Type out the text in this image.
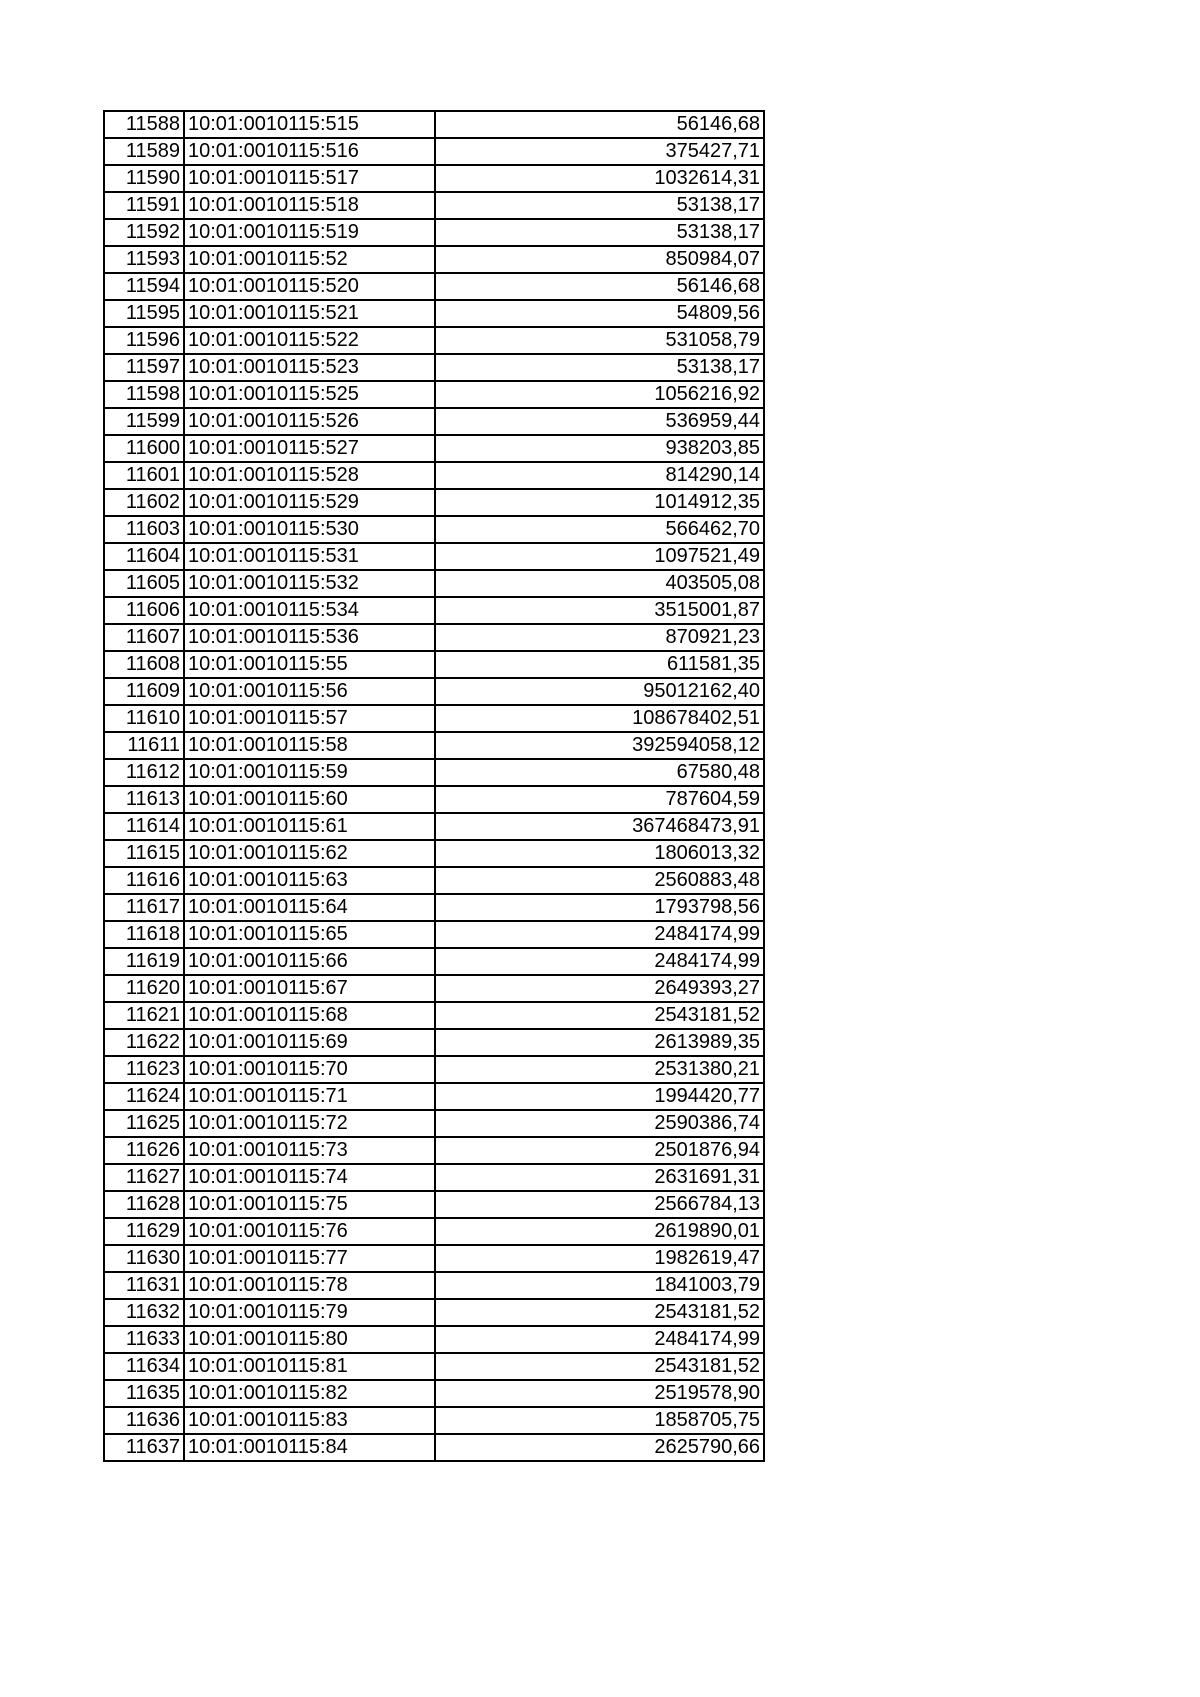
11588	10:01:0010115:515	56146,68
11589	10:01:0010115:516	375427,71
11590	10:01:0010115:517	1032614,31
11591	10:01:0010115:518	53138,17
11592	10:01:0010115:519	53138,17
11593	10:01:0010115:52	850984,07
11594	10:01:0010115:520	56146,68
11595	10:01:0010115:521	54809,56
11596	10:01:0010115:522	531058,79
11597	10:01:0010115:523	53138,17
11598	10:01:0010115:525	1056216,92
11599	10:01:0010115:526	536959,44
11600	10:01:0010115:527	938203,85
11601	10:01:0010115:528	814290,14
11602	10:01:0010115:529	1014912,35
11603	10:01:0010115:530	566462,70
11604	10:01:0010115:531	1097521,49
11605	10:01:0010115:532	403505,08
11606	10:01:0010115:534	3515001,87
11607	10:01:0010115:536	870921,23
11608	10:01:0010115:55	611581,35
11609	10:01:0010115:56	95012162,40
11610	10:01:0010115:57	108678402,51
11611	10:01:0010115:58	392594058,12
11612	10:01:0010115:59	67580,48
11613	10:01:0010115:60	787604,59
11614	10:01:0010115:61	367468473,91
11615	10:01:0010115:62	1806013,32
11616	10:01:0010115:63	2560883,48
11617	10:01:0010115:64	1793798,56
11618	10:01:0010115:65	2484174,99
11619	10:01:0010115:66	2484174,99
11620	10:01:0010115:67	2649393,27
11621	10:01:0010115:68	2543181,52
11622	10:01:0010115:69	2613989,35
11623	10:01:0010115:70	2531380,21
11624	10:01:0010115:71	1994420,77
11625	10:01:0010115:72	2590386,74
11626	10:01:0010115:73	2501876,94
11627	10:01:0010115:74	2631691,31
11628	10:01:0010115:75	2566784,13
11629	10:01:0010115:76	2619890,01
11630	10:01:0010115:77	1982619,47
11631	10:01:0010115:78	1841003,79
11632	10:01:0010115:79	2543181,52
11633	10:01:0010115:80	2484174,99
11634	10:01:0010115:81	2543181,52
11635	10:01:0010115:82	2519578,90
11636	10:01:0010115:83	1858705,75
11637	10:01:0010115:84	2625790,66
